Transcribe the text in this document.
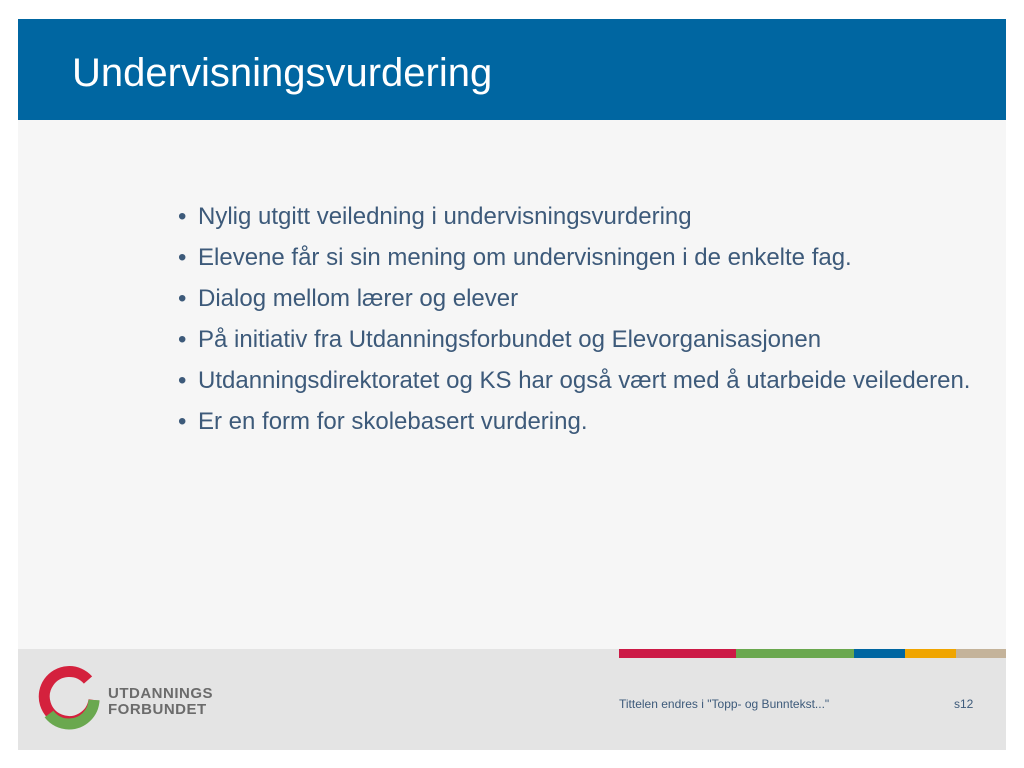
Undervisningsvurdering
• Nylig utgitt veiledning i undervisningsvurdering
• Elevene får si sin mening om undervisningen i de enkelte fag.
• Dialog mellom lærer og elever
• På initiativ fra Utdanningsforbundet og Elevorganisasjonen
• Utdanningsdirektoratet og KS har også vært med å utarbeide veilederen.
• Er en form for skolebasert vurdering.
UTDANNINGS
FORBUNDET	Tittelen endres i "Topp- og Bunntekst..."	s12
